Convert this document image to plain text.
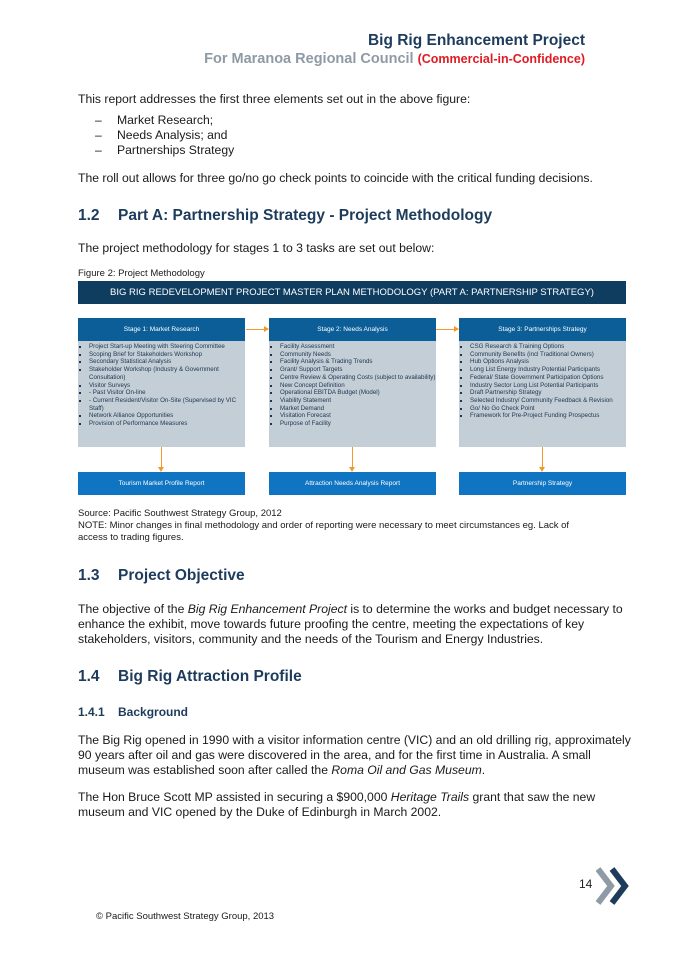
Big Rig Enhancement Project
For Maranoa Regional Council (Commercial-in-Confidence)
This report addresses the first three elements set out in the above figure:
– Market Research;
– Needs Analysis; and
– Partnerships Strategy
The roll out allows for three go/no go check points to coincide with the critical funding decisions.
1.2 Part A: Partnership Strategy - Project Methodology
The project methodology for stages 1 to 3 tasks are set out below:
Figure 2: Project Methodology
BIG RIG REDEVELOPMENT PROJECT MASTER PLAN METHODOLOGY (PART A: PARTNERSHIP STRATEGY)
Stage 1: Market Research
▪ Project Start-up Meeting with Steering Committee
▪ Scoping Brief for Stakeholders Workshop
▪ Secondary Statistical Analysis
▪ Stakeholder Workshop (Industry & Government Consultation)
▪ Visitor Surveys
▪ - Past Visitor On-line
▪ - Current Resident/Visitor On-Site (Supervised by VIC Staff)
▪ Network Alliance Opportunities
▪ Provision of Performance Measures
Tourism Market Profile Report
Stage 2: Needs Analysis
▪ Facility Assessment
▪ Community Needs
▪ Facility Analysis & Trading Trends
▪ Grant/ Support Targets
▪ Centre Review & Operating Costs (subject to availability)
▪ New Concept Definition
▪ Operational EBITDA Budget (Model)
▪ Viability Statement
▪ Market Demand
▪ Visitation Forecast
▪ Purpose of Facility
Attraction Needs Analysis Report
Stage 3: Partnerships Strategy
▪ CSG Research & Training Options
▪ Community Benefits (incl Traditional Owners)
▪ Hub Options Analysis
▪ Long List Energy Industry Potential Participants
▪ Federal/ State Government Participation Options
▪ Industry Sector Long List Potential Participants
▪ Draft Partnership Strategy
▪ Selected Industry/ Community Feedback & Revision
▪ Go/ No Go Check Point
▪ Framework for Pre-Project Funding Prospectus
Partnership Strategy
Source: Pacific Southwest Strategy Group, 2012
NOTE: Minor changes in final methodology and order of reporting were necessary to meet circumstances eg. Lack of access to trading figures.
1.3 Project Objective
The objective of the Big Rig Enhancement Project is to determine the works and budget necessary to enhance the exhibit, move towards future proofing the centre, meeting the expectations of key stakeholders, visitors, community and the needs of the Tourism and Energy Industries.
1.4 Big Rig Attraction Profile
1.4.1 Background
The Big Rig opened in 1990 with a visitor information centre (VIC) and an old drilling rig, approximately 90 years after oil and gas were discovered in the area, and for the first time in Australia. A small museum was established soon after called the Roma Oil and Gas Museum.
The Hon Bruce Scott MP assisted in securing a $900,000 Heritage Trails grant that saw the new museum and VIC opened by the Duke of Edinburgh in March 2002.
14
© Pacific Southwest Strategy Group, 2013
